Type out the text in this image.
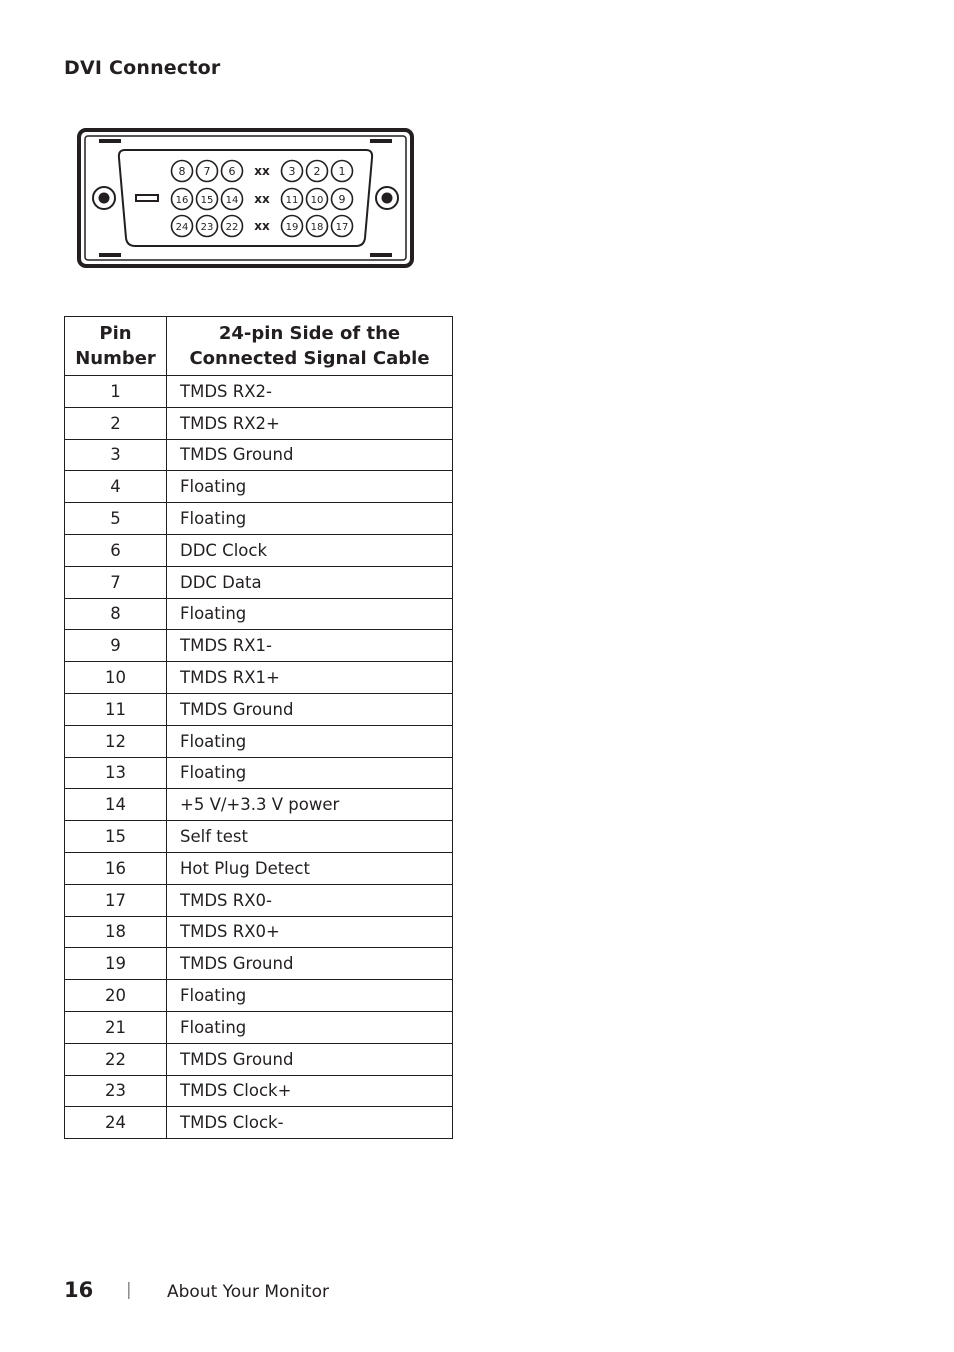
DVI Connector
8 7 6 xx 3 2 1
16 15 14 xx 11 10 9
24 23 22 xx 19 18 17
Pin
Number	24-pin Side of the
Connected Signal Cable
1	TMDS RX2-
2	TMDS RX2+
3	TMDS Ground
4	Floating
5	Floating
6	DDC Clock
7	DDC Data
8	Floating
9	TMDS RX1-
10	TMDS RX1+
11	TMDS Ground
12	Floating
13	Floating
14	+5 V/+3.3 V power
15	Self test
16	Hot Plug Detect
17	TMDS RX0-
18	TMDS RX0+
19	TMDS Ground
20	Floating
21	Floating
22	TMDS Ground
23	TMDS Clock+
24	TMDS Clock-
16 | About Your Monitor
